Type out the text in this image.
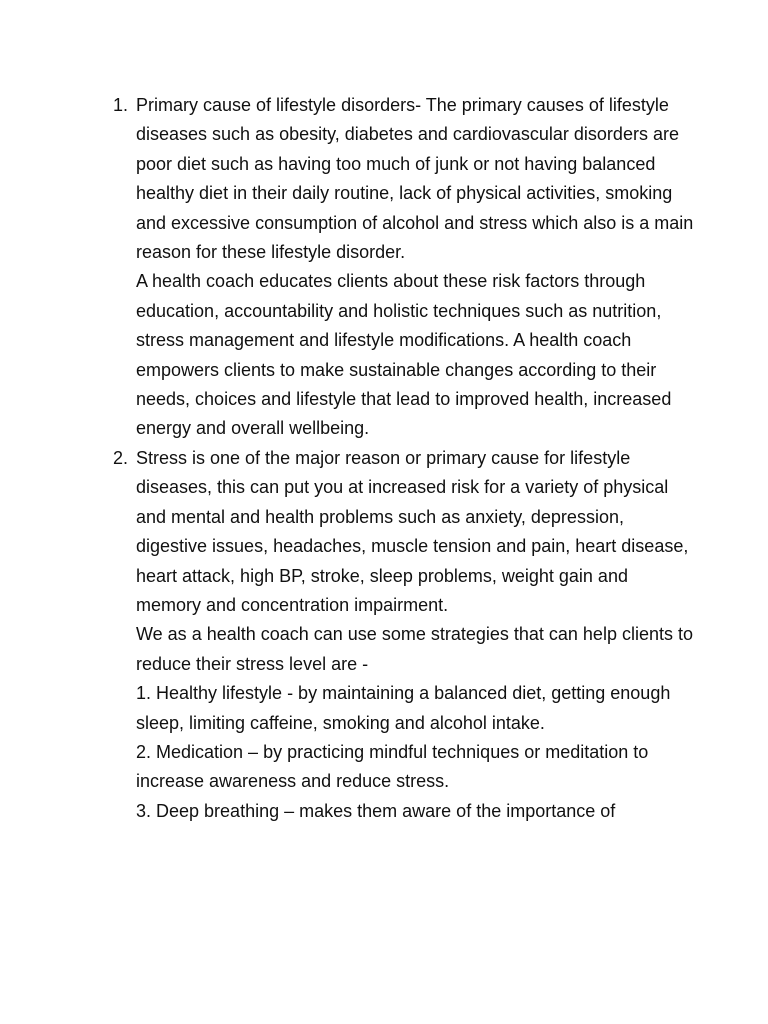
1. Primary cause of lifestyle disorders- The primary causes of lifestyle diseases such as obesity, diabetes and cardiovascular disorders are poor diet such as having too much of junk or not having balanced healthy diet in their daily routine, lack of physical activities, smoking and excessive consumption of alcohol and stress which also is a main reason for these lifestyle disorder.

A health coach educates clients about these risk factors through education, accountability and holistic techniques such as nutrition, stress management and lifestyle modifications. A health coach empowers clients to make sustainable changes according to their needs, choices and lifestyle that lead to improved health, increased energy and overall wellbeing.

2. Stress is one of the major reason or primary cause for lifestyle diseases, this can put you at increased risk for a variety of physical and mental and health problems such as anxiety, depression, digestive issues, headaches, muscle tension and pain, heart disease, heart attack, high BP, stroke, sleep problems, weight gain and memory and concentration impairment.

We as a health coach can use some strategies that can help clients to reduce their stress level are -

1. Healthy lifestyle - by maintaining a balanced diet, getting enough sleep, limiting caffeine, smoking and alcohol intake.

2. Medication – by practicing mindful techniques or meditation to increase awareness and reduce stress.

3. Deep breathing – makes them aware of the importance of
